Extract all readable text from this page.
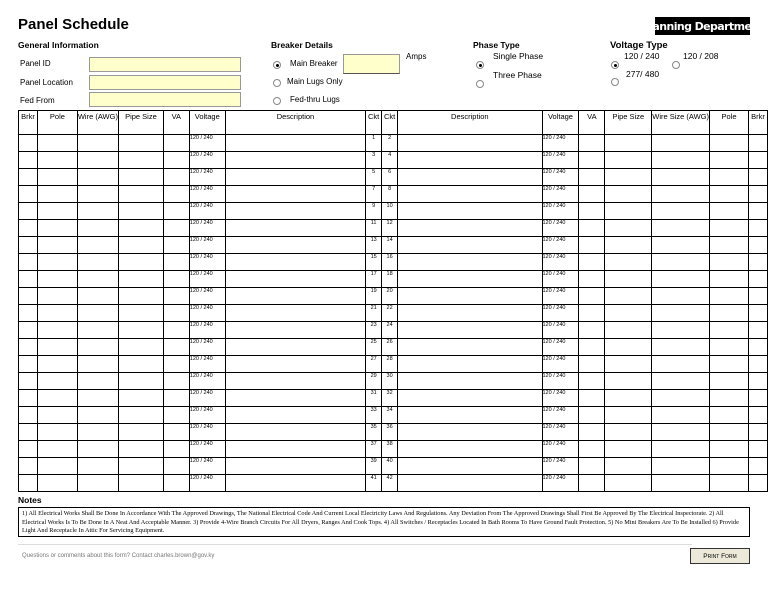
Panel Schedule	Planning Department
General Information
Panel ID
Panel Location
Fed From
Breaker Details
Main Breaker
Amps
Main Lugs Only
Fed-thru Lugs
Phase Type
Single Phase
Three Phase
Voltage Type
120 / 240	120 / 208
277/ 480
Brkr	Pole	Wire (AWG)	Pipe Size	VA	Voltage	Description	Ckt	Ckt	Description	Voltage	VA	Pipe Size	Wire Size (AWG)	Pole	Brkr
					120 / 240		1	2		120 / 240					
					120 / 240		3	4		120 / 240					
					120 / 240		5	6		120 / 240					
					120 / 240		7	8		120 / 240					
					120 / 240		9	10		120 / 240					
					120 / 240		11	12		120 / 240					
					120 / 240		13	14		120 / 240					
					120 / 240		15	16		120 / 240					
					120 / 240		17	18		120 / 240					
					120 / 240		19	20		120 / 240					
					120 / 240		21	22		120 / 240					
					120 / 240		23	24		120 / 240					
					120 / 240		25	26		120 / 240					
					120 / 240		27	28		120 / 240					
					120 / 240		29	30		120 / 240					
					120 / 240		31	32		120 / 240					
					120 / 240		33	34		120 / 240					
					120 / 240		35	36		120 / 240					
					120 / 240		37	38		120 / 240					
					120 / 240		39	40		120 / 240					
					120 / 240		41	42		120 / 240					
Notes
1) All Electrical Works Shall Be Done In Accordance With The Approved Drawings, The National Electrical Code And Current Local Electricity Laws And Regulations. Any Deviation From The Approved Drawings Shall First Be Approved By The Electrical Inspectorate. 2) All Electrical Works Is To Be Done In A Neat And Acceptable Manner. 3) Provide 4-Wire Branch Circuits For All Dryers, Ranges And Cook Tops. 4) All Switches / Receptacles Located In Bath Rooms To Have Ground Fault Protection. 5) No Mini Breakers Are To Be Installed 6) Provide Light And Receptacle In Attic For Servicing Equipment.
Questions or comments about this form? Contact charles.brown@gov.ky	Print Form
